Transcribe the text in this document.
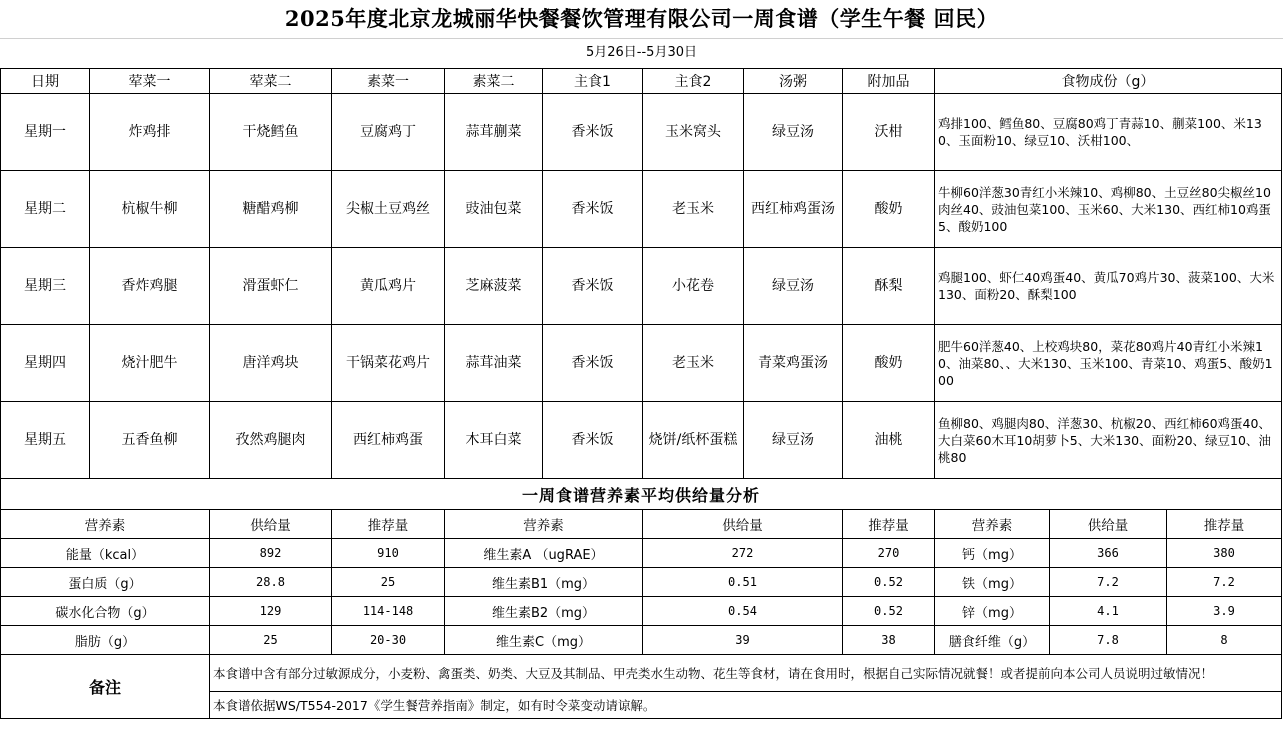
2025年度北京龙城丽华快餐餐饮管理有限公司一周食谱（学生午餐 回民）
5月26日--5月30日
日期	荤菜一	荤菜二	素菜一	素菜二	主食1	主食2	汤粥	附加品	食物成份（g）
星期一	炸鸡排	干烧鳕鱼	豆腐鸡丁	蒜茸蒯菜	香米饭	玉米窝头	绿豆汤	沃柑	鸡排100、鳕鱼80、豆腐80鸡丁青蒜10、蒯菜100、米130、玉面粉10、绿豆10、沃柑100、
星期二	杭椒牛柳	糖醋鸡柳	尖椒土豆鸡丝	豉油包菜	香米饭	老玉米	西红柿鸡蛋汤	酸奶	牛柳60洋葱30青红小米辣10、鸡柳80、土豆丝80尖椒丝10肉丝40、豉油包菜100、玉米60、大米130、西红柿10鸡蛋5、酸奶100
星期三	香炸鸡腿	滑蛋虾仁	黄瓜鸡片	芝麻菠菜	香米饭	小花卷	绿豆汤	酥梨	鸡腿100、虾仁40鸡蛋40、黄瓜70鸡片30、菠菜100、大米130、面粉20、酥梨100
星期四	烧汁肥牛	唐洋鸡块	干锅菜花鸡片	蒜茸油菜	香米饭	老玉米	青菜鸡蛋汤	酸奶	肥牛60洋葱40、上校鸡块80，菜花80鸡片40青红小米辣10、油菜80、、大米130、玉米100、青菜10、鸡蛋5、酸奶100
星期五	五香鱼柳	孜然鸡腿肉	西红柿鸡蛋	木耳白菜	香米饭	烧饼/纸杯蛋糕	绿豆汤	油桃	鱼柳80、鸡腿肉80、洋葱30、杭椒20、西红柿60鸡蛋40、大白菜60木耳10胡萝卜5、大米130、面粉20、绿豆10、油桃80
一周食谱营养素平均供给量分析								
营养素	供给量	推荐量	营养素	供给量	推荐量	营养素	供给量	推荐量
能量（kcal）	892	910	维生素A （ugRAE）	272	270	钙（mg）	366	380
蛋白质（g）	28.8	25	维生素B1（mg）	0.51	0.52	铁（mg）	7.2	7.2
碳水化合物（g）	129	114-148	维生素B2（mg）	0.54	0.52	锌（mg）	4.1	3.9
脂肪（g）	25	20-30	维生素C（mg）	39	38	膳食纤维（g）	7.8	8
备注	本食谱中含有部分过敏源成分，小麦粉、禽蛋类、奶类、大豆及其制品、甲壳类水生动物、花生等食材，请在食用时，根据自己实际情况就餐！或者提前向本公司人员说明过敏情况！							
	本食谱依据WS/T554-2017《学生餐营养指南》制定，如有时令菜变动请谅解。							
